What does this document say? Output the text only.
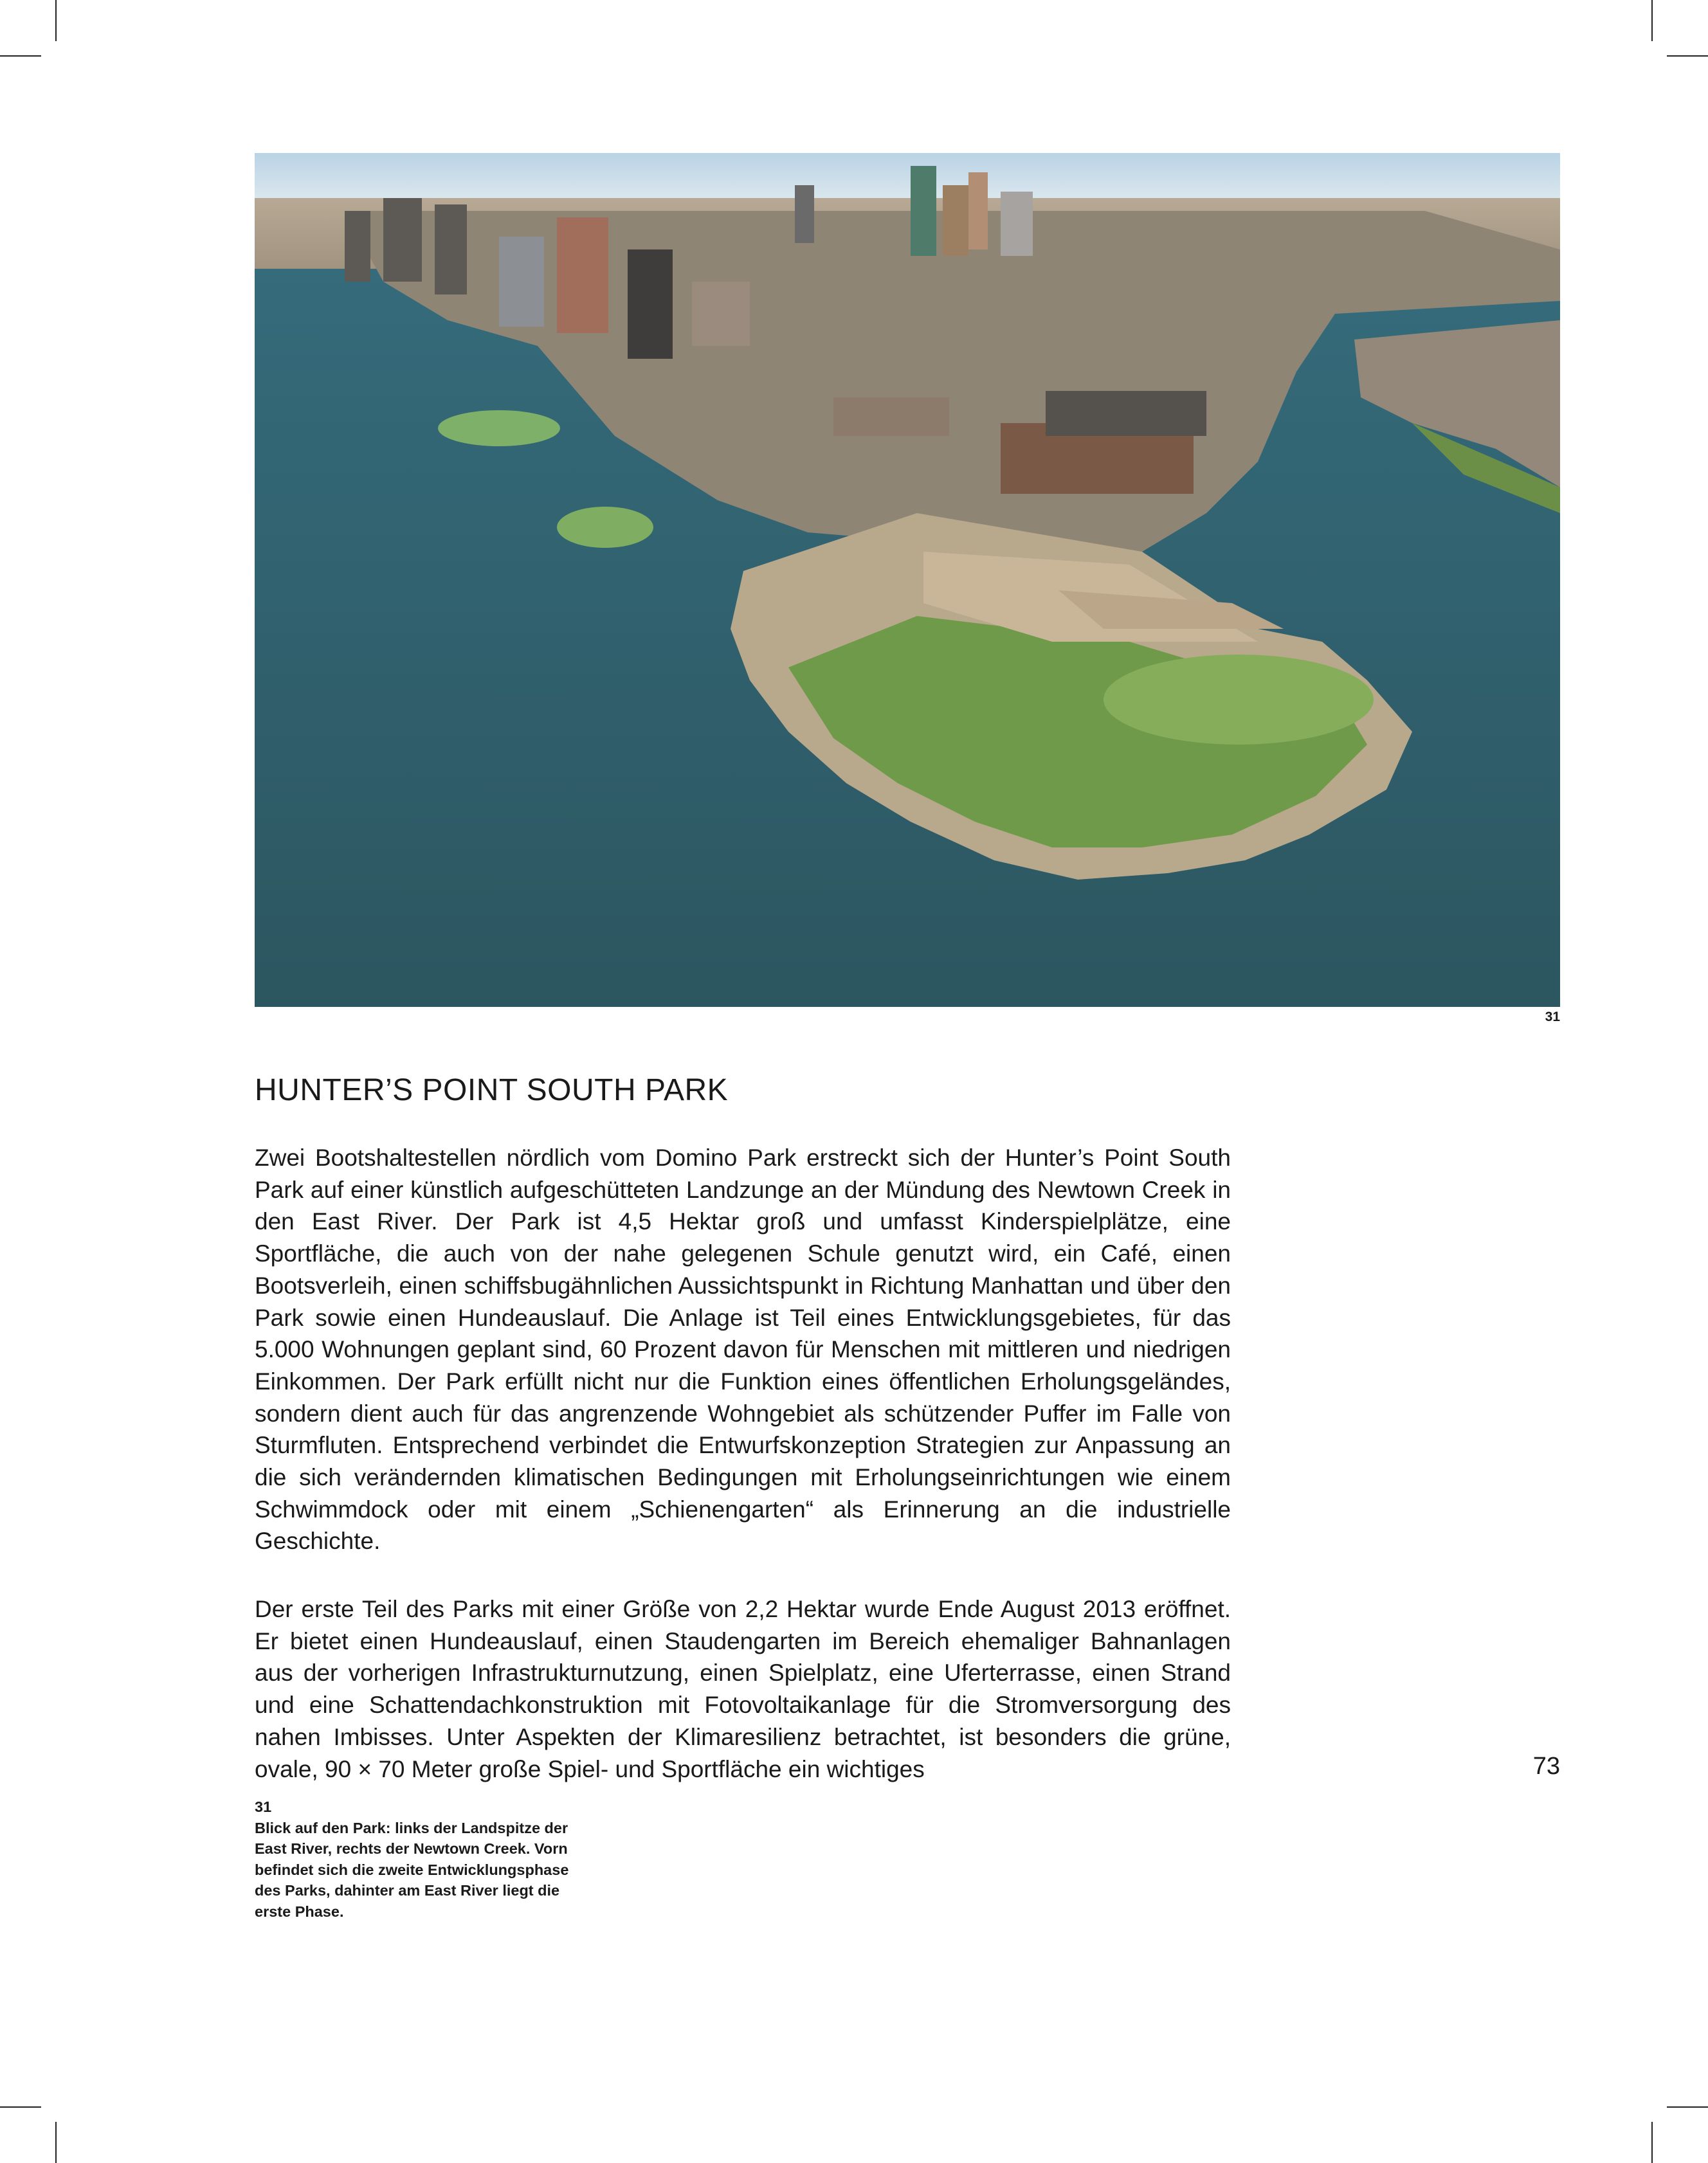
31
HUNTER’S POINT SOUTH PARK

Zwei Bootshaltestellen nördlich vom Domino Park erstreckt sich der Hunter’s Point South Park auf einer künstlich aufgeschütteten Landzunge an der Mündung des Newtown Creek in den East River. Der Park ist 4,5 Hektar groß und umfasst Kinderspielplätze, eine Sportfläche, die auch von der nahe gelegenen Schule genutzt wird, ein Café, einen Bootsverleih, einen schiffsbugähnlichen Aussichtspunkt in Richtung Manhattan und über den Park sowie einen Hundeauslauf. Die Anlage ist Teil eines Entwicklungsgebietes, für das 5.000 Wohnungen geplant sind, 60 Prozent davon für Menschen mit mittleren und niedrigen Einkommen. Der Park erfüllt nicht nur die Funktion eines öffentlichen Erholungsgeländes, sondern dient auch für das angrenzende Wohngebiet als schützender Puffer im Falle von Sturmfluten. Entsprechend verbindet die Entwurfskonzeption Strategien zur Anpassung an die sich verändernden klimatischen Bedingungen mit Erholungseinrichtungen wie einem Schwimmdock oder mit einem „Schienengarten“ als Erinnerung an die industrielle Geschichte.

Der erste Teil des Parks mit einer Größe von 2,2 Hektar wurde Ende August 2013 eröffnet. Er bietet einen Hundeauslauf, einen Staudengarten im Bereich ehemaliger Bahnanlagen aus der vorherigen Infrastrukturnutzung, einen Spielplatz, eine Uferterrasse, einen Strand und eine Schattendachkonstruktion mit Fotovoltaikanlage für die Stromversorgung des nahen Imbisses. Unter Aspekten der Klimaresilienz betrachtet, ist besonders die grüne, ovale, 90 × 70 Meter große Spiel- und Sportfläche ein wichtiges	73
31
Blick auf den Park: links der Landspitze der East River, rechts der Newtown Creek. Vorn befindet sich die zweite Entwicklungsphase des Parks, dahinter am East River liegt die erste Phase.
